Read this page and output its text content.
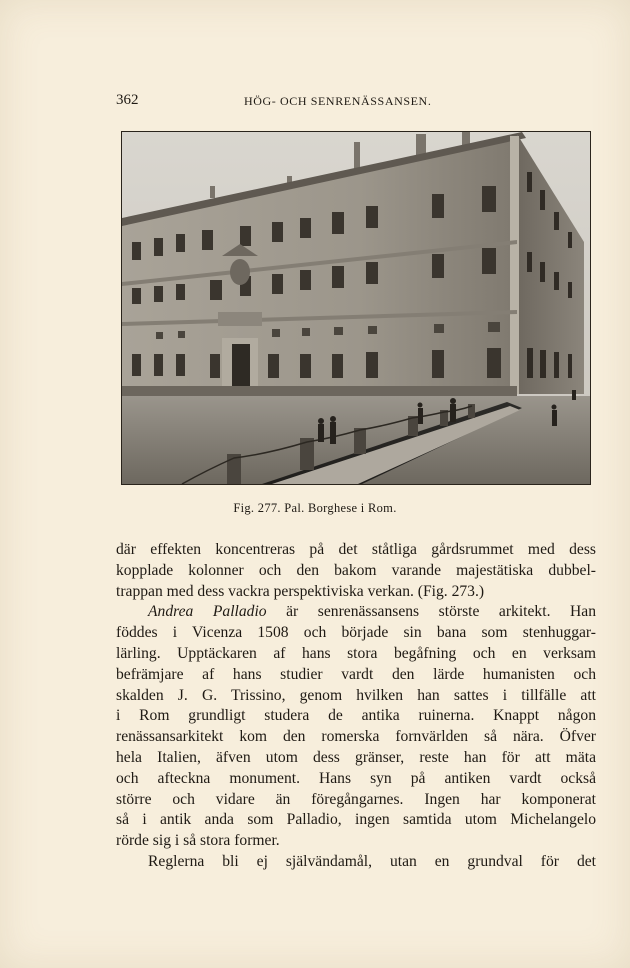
362	HÖG- OCH SENRENÄSSANSEN.
Fig. 277. Pal. Borghese i Rom.
där effekten koncentreras på det ståtliga gårdsrummet med dess
kopplade kolonner och den bakom varande majestätiska dubbel-
trappan med dess vackra perspektiviska verkan. (Fig. 273.)
Andrea Palladio är senrenässansens störste arkitekt. Han
föddes i Vicenza 1508 och började sin bana som stenhuggar-
lärling. Upptäckaren af hans stora begåfning och en verksam
befrämjare af hans studier vardt den lärde humanisten och
skalden J. G. Trissino, genom hvilken han sattes i tillfälle att
i Rom grundligt studera de antika ruinerna. Knappt någon
renässansarkitekt kom den romerska fornvärlden så nära. Öfver
hela Italien, äfven utom dess gränser, reste han för att mäta
och afteckna monument. Hans syn på antiken vardt också
större och vidare än föregångarnes. Ingen har komponerat
så i antik anda som Palladio, ingen samtida utom Michelangelo
rörde sig i så stora former.
Reglerna bli ej självändamål, utan en grundval för det
